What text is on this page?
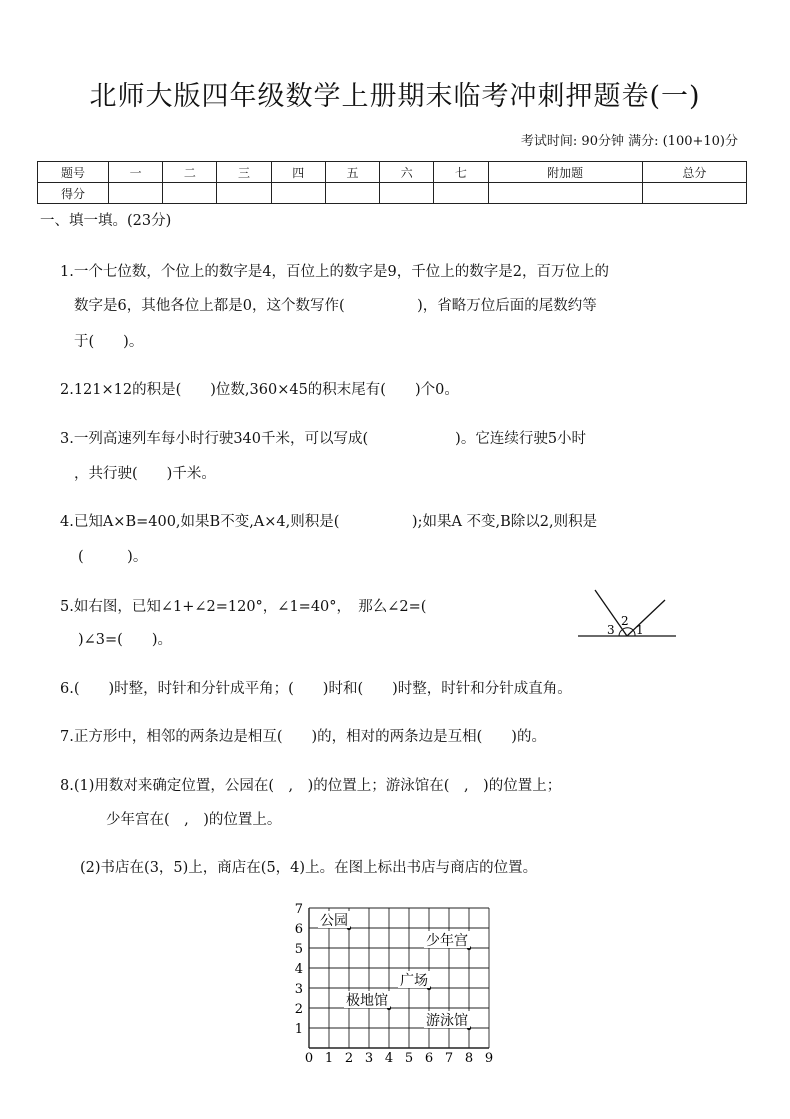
北师大版四年级数学上册期末临考冲刺押题卷(一)
考试时间: 90分钟 满分: (100+10)分
题号	一	二	三	四	五	六	七	附加题	总分
得分									
一、填一填。(23分)
1.一个七位数，个位上的数字是4，百位上的数字是9，千位上的数字是2，百万位上的
数字是6，其他各位上都是0，这个数写作(　　　　　)，省略万位后面的尾数约等
于(　　)。
2.121×12的积是(　　)位数,360×45的积末尾有(　　)个0。
3.一列高速列车每小时行驶340千米，可以写成(　　　　　　)。它连续行驶5小时
，共行驶(　　)千米。
4.已知A×B=400,如果B不变,A×4,则积是(　　　　　);如果A 不变,B除以2,则积是
(　　　)。
5.如右图，已知∠1+∠2=120°，∠1=40°，　那么∠2=(
)∠3=(　　)。
3
2
1
6.(　　)时整，时针和分针成平角；(　　)时和(　　)时整，时针和分针成直角。
7.正方形中，相邻的两条边是相互(　　)的，相对的两条边是互相(　　)的。
8.(1)用数对来确定位置，公园在(　,　)的位置上；游泳馆在(　,　)的位置上；
少年宫在(　,　)的位置上。
(2)书店在(3，5)上，商店在(5，4)上。在图上标出书店与商店的位置。
0 1 2 3 4 5 6 7 8 9
1
2
3
4
5
6
7
公园
少年宫
广场
极地馆
游泳馆
